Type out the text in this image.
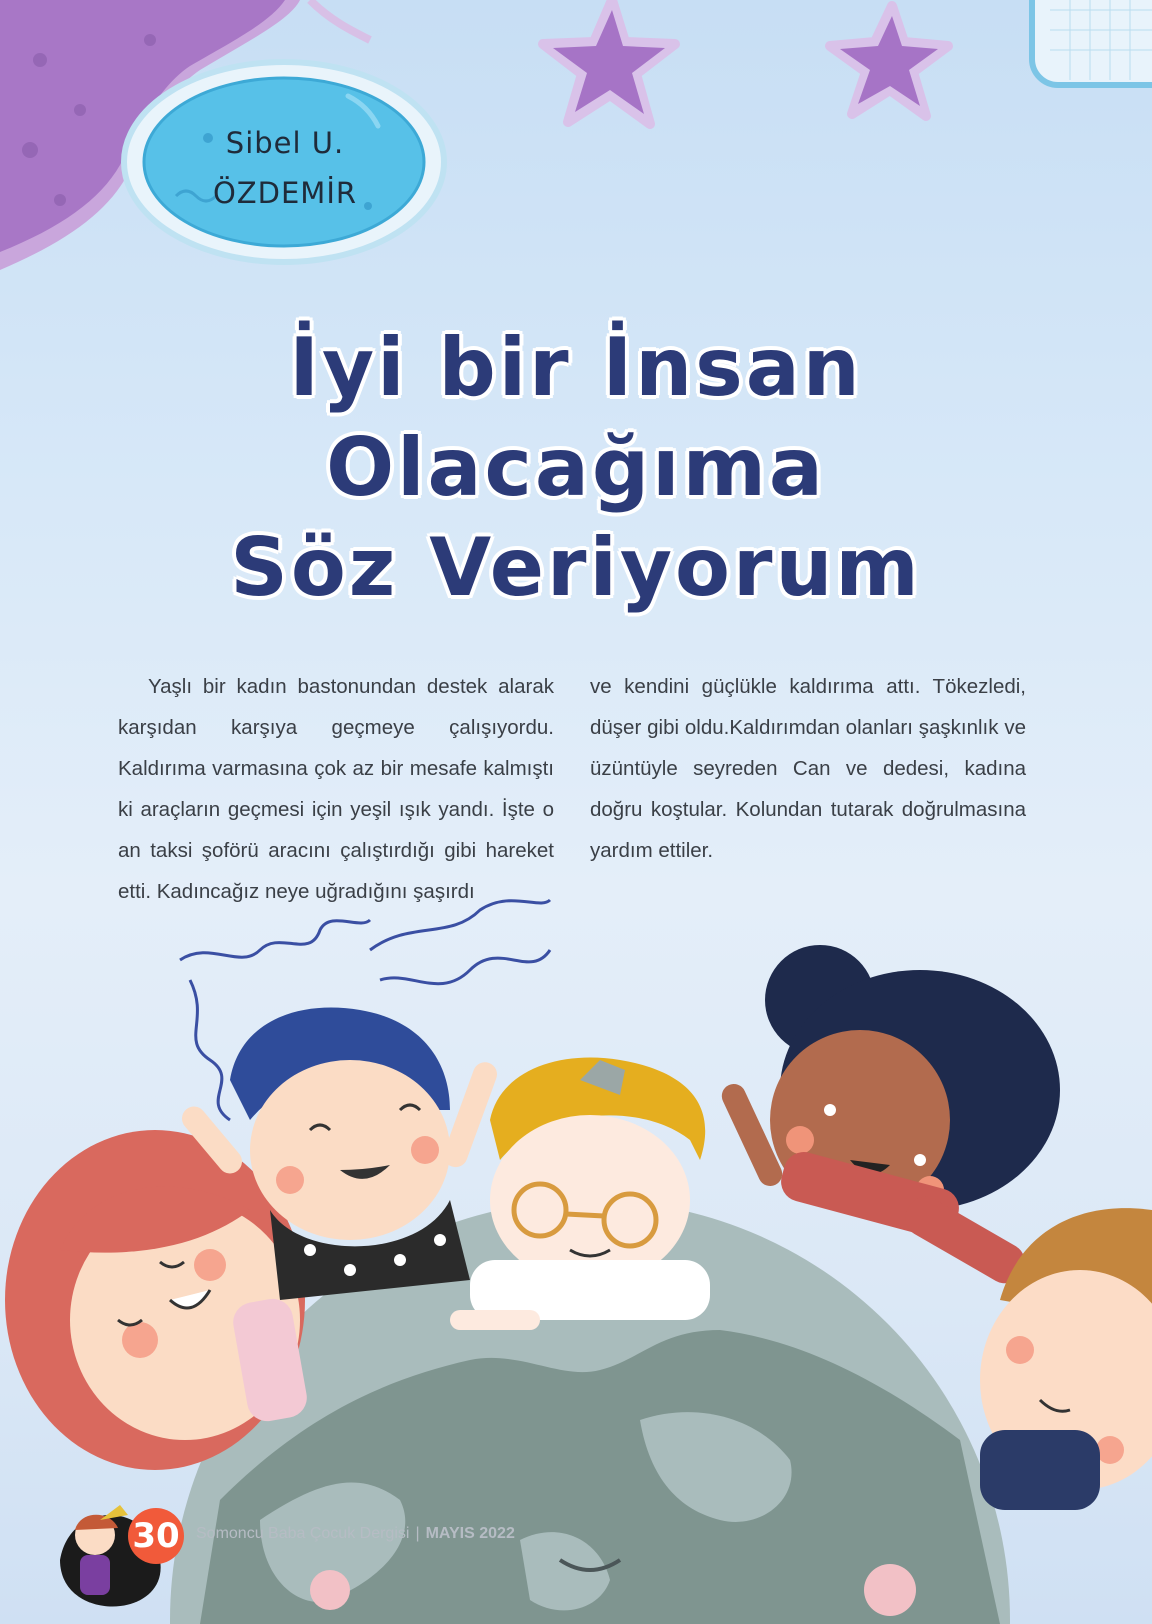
Sibel U.
ÖZDEMİR
İyi bir İnsan
Olacağıma
Söz Veriyorum

Yaşlı bir kadın bastonundan destek alarak karşıdan karşıya geçmeye çalışıyordu. Kaldırıma varmasına çok az bir mesafe kalmıştı ki araçların geçmesi için yeşil ışık yandı. İşte o an taksi şoförü aracını çalıştırdığı gibi hareket etti. Kadıncağız neye uğradığını şaşırdı

ve kendini güçlükle kaldırıma attı. Tökezledi, düşer gibi oldu.Kaldırımdan olanları şaşkınlık ve üzüntüyle seyreden Can ve dedesi, kadına doğru koştular. Kolundan tutarak doğrulmasına yardım ettiler.

30 Somoncu Baba Çocuk Dergisi | MAYIS 2022
